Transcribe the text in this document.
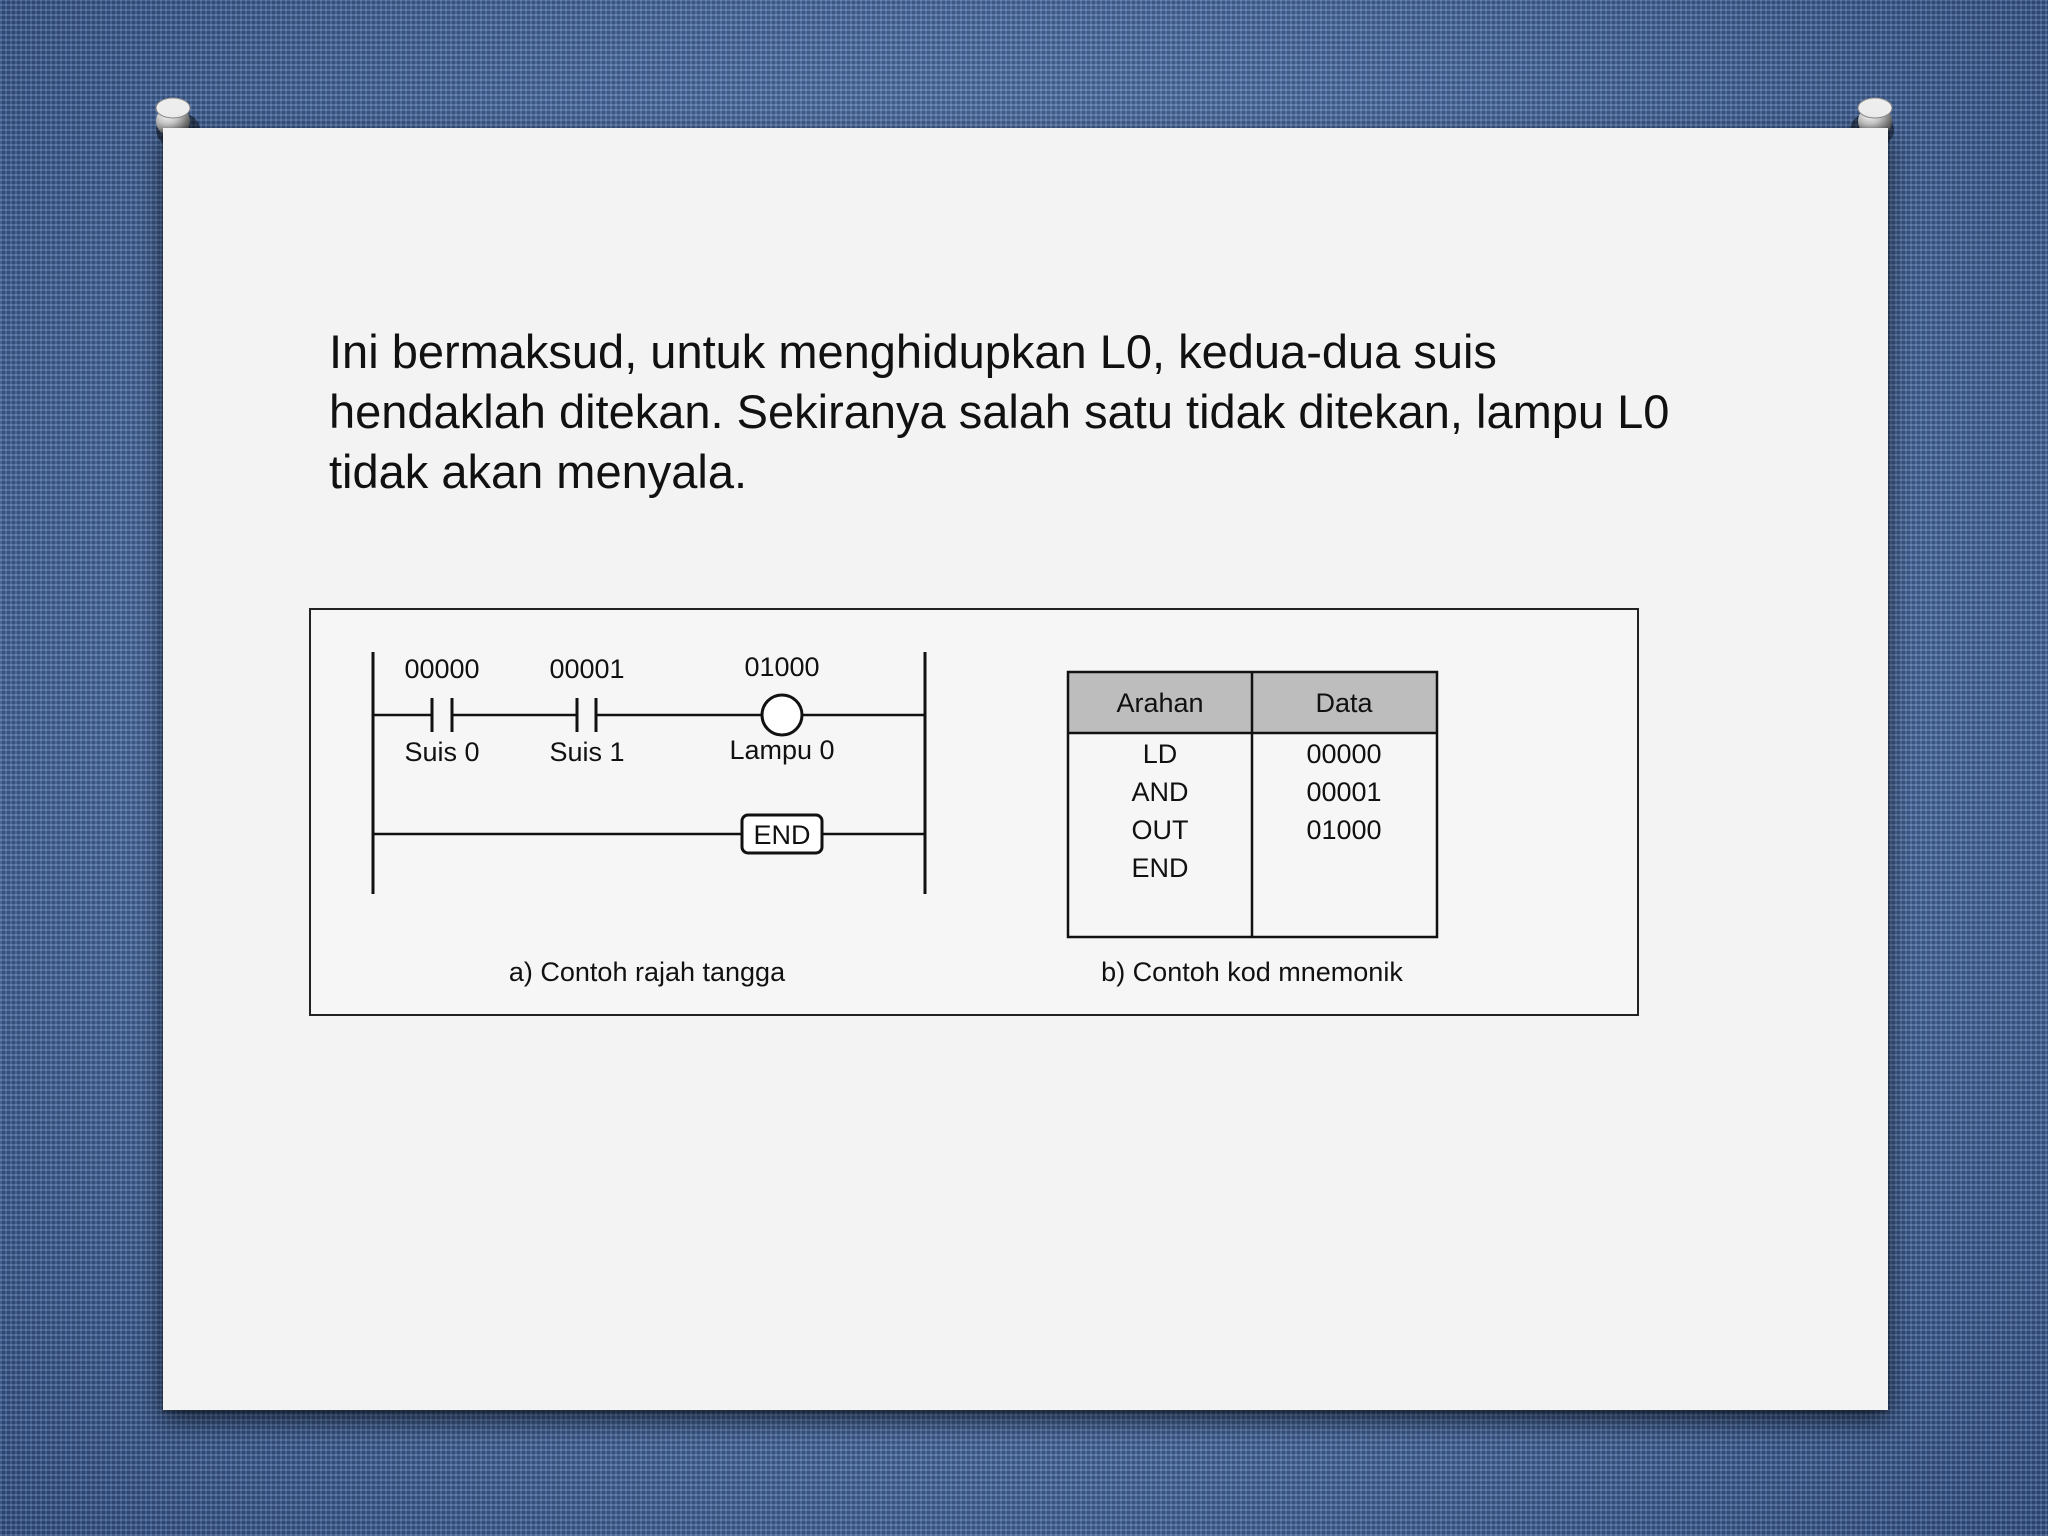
Ini bermaksud, untuk menghidupkan L0, kedua-dua suis hendaklah ditekan. Sekiranya salah satu tidak ditekan, lampu L0 tidak akan menyala.

00000
Suis 0
00001
Suis 1
01000
Lampu 0
END
a) Contoh rajah tangga
Arahan	Data
LD	00000
AND	00001
OUT	01000
END
b) Contoh kod mnemonik
